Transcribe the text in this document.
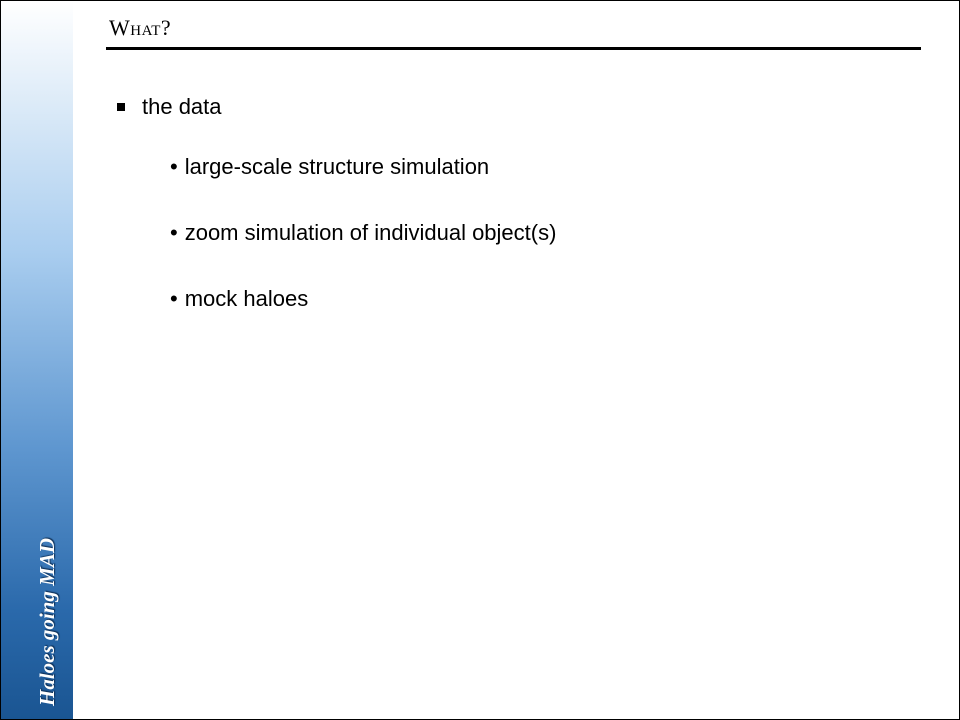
Haloes going MAD
What?
the data
• large-scale structure simulation
• zoom simulation of individual object(s)
• mock haloes
